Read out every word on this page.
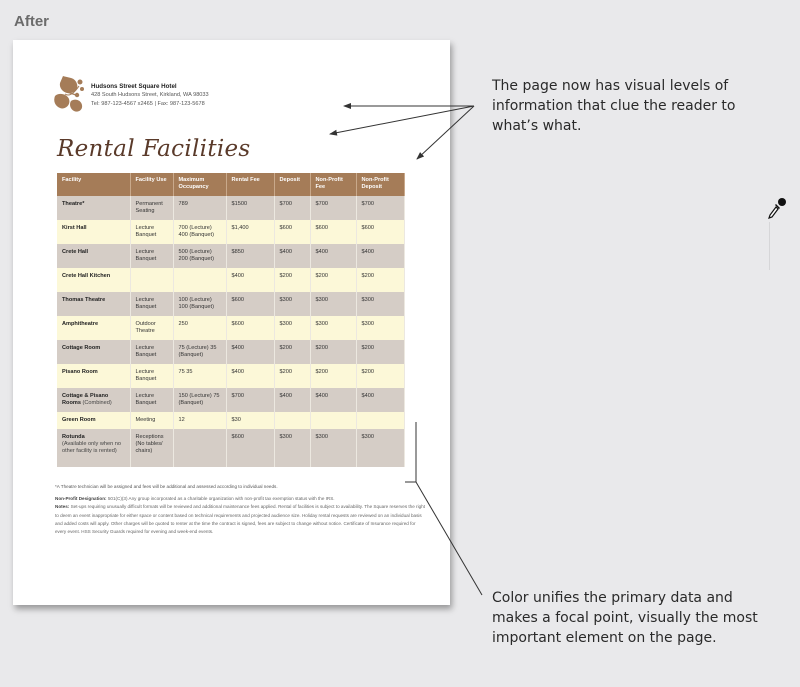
After
Hudsons Street Square Hotel
428 South Hudsons Street, Kirkland, WA 98033
Tel: 987-123-4567 x2465 | Fax: 987-123-5678
Rental Facilities
Facility	Facility Use	Maximum Occupancy	Rental Fee	Deposit	Non-Profit Fee	Non-Profit Deposit
Theatre*	Permanent Seating	789	$1500	$700	$700	$700
Kirst Hall	Lecture Banquet	700 (Lecture) 400 (Banquet)	$1,400	$600	$600	$600
Crete Hall	Lecture Banquet	500 (Lecture) 200 (Banquet)	$850	$400	$400	$400
Crete Hall Kitchen			$400	$200	$200	$200
Thomas Theatre	Lecture Banquet	100 (Lecture) 100 (Banquet)	$600	$300	$300	$300
Amphitheatre	Outdoor Theatre	250	$600	$300	$300	$300
Cottage Room	Lecture Banquet	75 (Lecture) 35 (Banquet)	$400	$200	$200	$200
Pisano Room	Lecture Banquet	75 35	$400	$200	$200	$200
Cottage & Pisano Rooms (Combined)	Lecture Banquet	150 (Lecture) 75 (Banquet)	$700	$400	$400	$400
Green Room	Meeting	12	$30			
Rotunda
(Available only when no other facility is rented)	Receptions (No tables/ chairs)		$600	$300	$300	$300
*A Theatre technician will be assigned and fees will be additional and assessed according to individual needs.
Non-Profit Designation: 501(C)(3) Any group incorporated as a charitable organization with non-profit tax exemption status with the IRS.
Notes: Set-ups requiring unusually difficult formats will be reviewed and additional maintenance fees applied. Rental of facilities is subject to availability. The Square reserves the right to deem an event inappropriate for either space or content based on technical requirements and projected audience size. Holiday rental requests are reviewed on an individual basis and added costs will apply. Other charges will be quoted to renter at the time the contract is signed, fees are subject to change without notice. Certificate of Insurance required for every event. HSS Security Guards required for evening and week-end events.
The page now has visual levels of information that clue the reader to what’s what.
Color unifies the primary data and makes a focal point, visually the most important element on the page.
